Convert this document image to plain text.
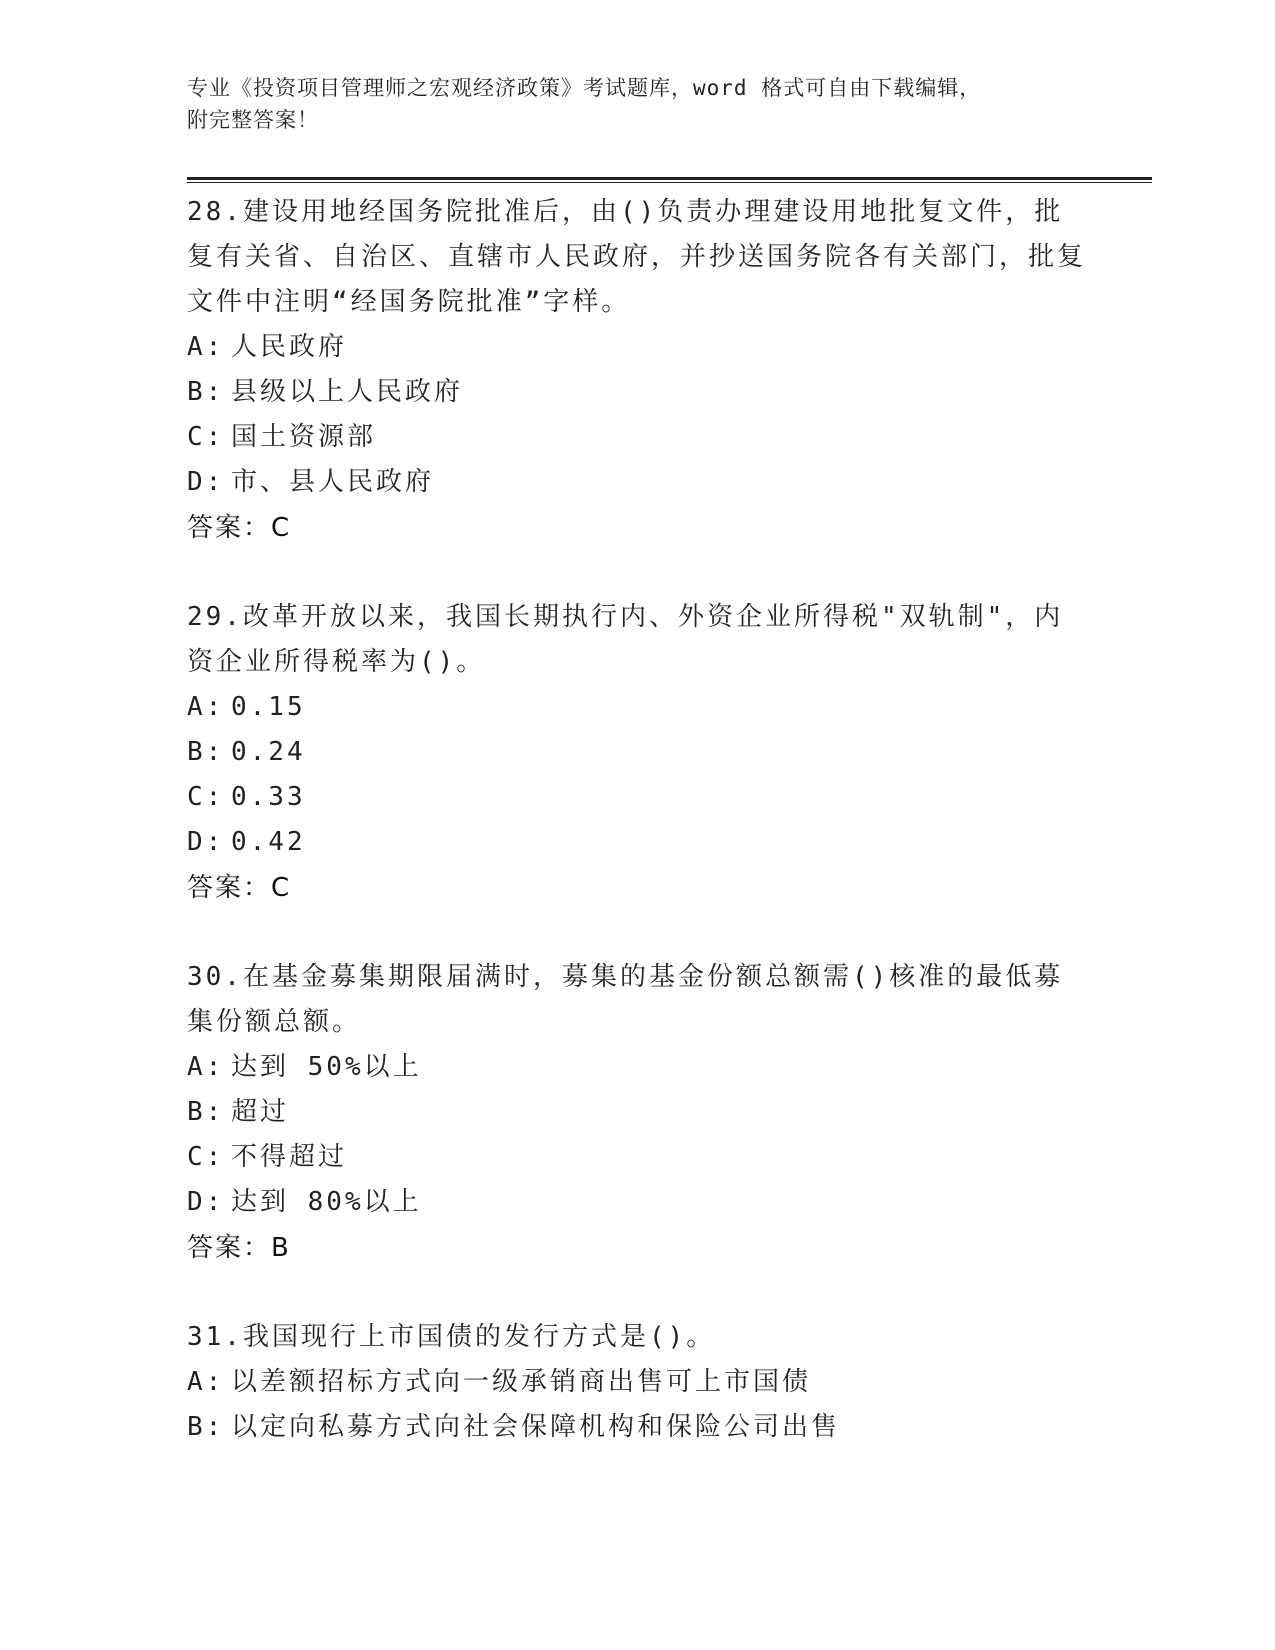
专业《投资项目管理师之宏观经济政策》考试题库，word 格式可自由下载编辑，
附完整答案！

28.建设用地经国务院批准后，由()负责办理建设用地批复文件，批复有关省、自治区、直辖市人民政府，并抄送国务院各有关部门，批复文件中注明“经国务院批准”字样。

A: 人民政府
B: 县级以上人民政府
C: 国土资源部
D: 市、县人民政府

答案：C

29.改革开放以来，我国长期执行内、外资企业所得税"双轨制"，内资企业所得税率为()。

A: 0.15
B: 0.24
C: 0.33
D: 0.42

答案：C

30.在基金募集期限届满时，募集的基金份额总额需()核准的最低募集份额总额。

A: 达到 50%以上
B: 超过
C: 不得超过
D: 达到 80%以上

答案：B

31.我国现行上市国债的发行方式是()。

A: 以差额招标方式向一级承销商出售可上市国债
B: 以定向私募方式向社会保障机构和保险公司出售
